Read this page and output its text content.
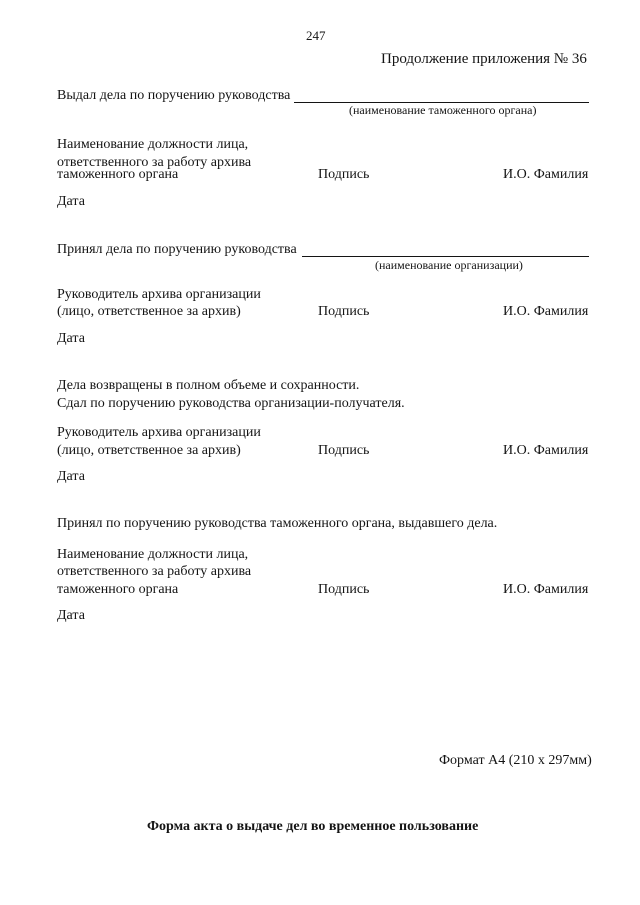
247
Продолжение приложения № 36
Выдал дела по поручению руководства
(наименование таможенного органа)
Наименование должности лица,
ответственного за работу архива
таможенного органа	Подпись	И.О. Фамилия
Дата
Принял дела по поручению руководства
(наименование организации)
Руководитель архива организации
(лицо, ответственное за архив)	Подпись	И.О. Фамилия
Дата
Дела возвращены в полном объеме и сохранности.
Сдал по поручению руководства организации-получателя.
Руководитель архива организации
(лицо, ответственное за архив)	Подпись	И.О. Фамилия
Дата
Принял по поручению руководства таможенного органа, выдавшего дела.
Наименование должности лица,
ответственного за работу архива
таможенного органа	Подпись	И.О. Фамилия
Дата
Формат А4 (210 х 297мм)
Форма акта о выдаче дел во временное пользование
